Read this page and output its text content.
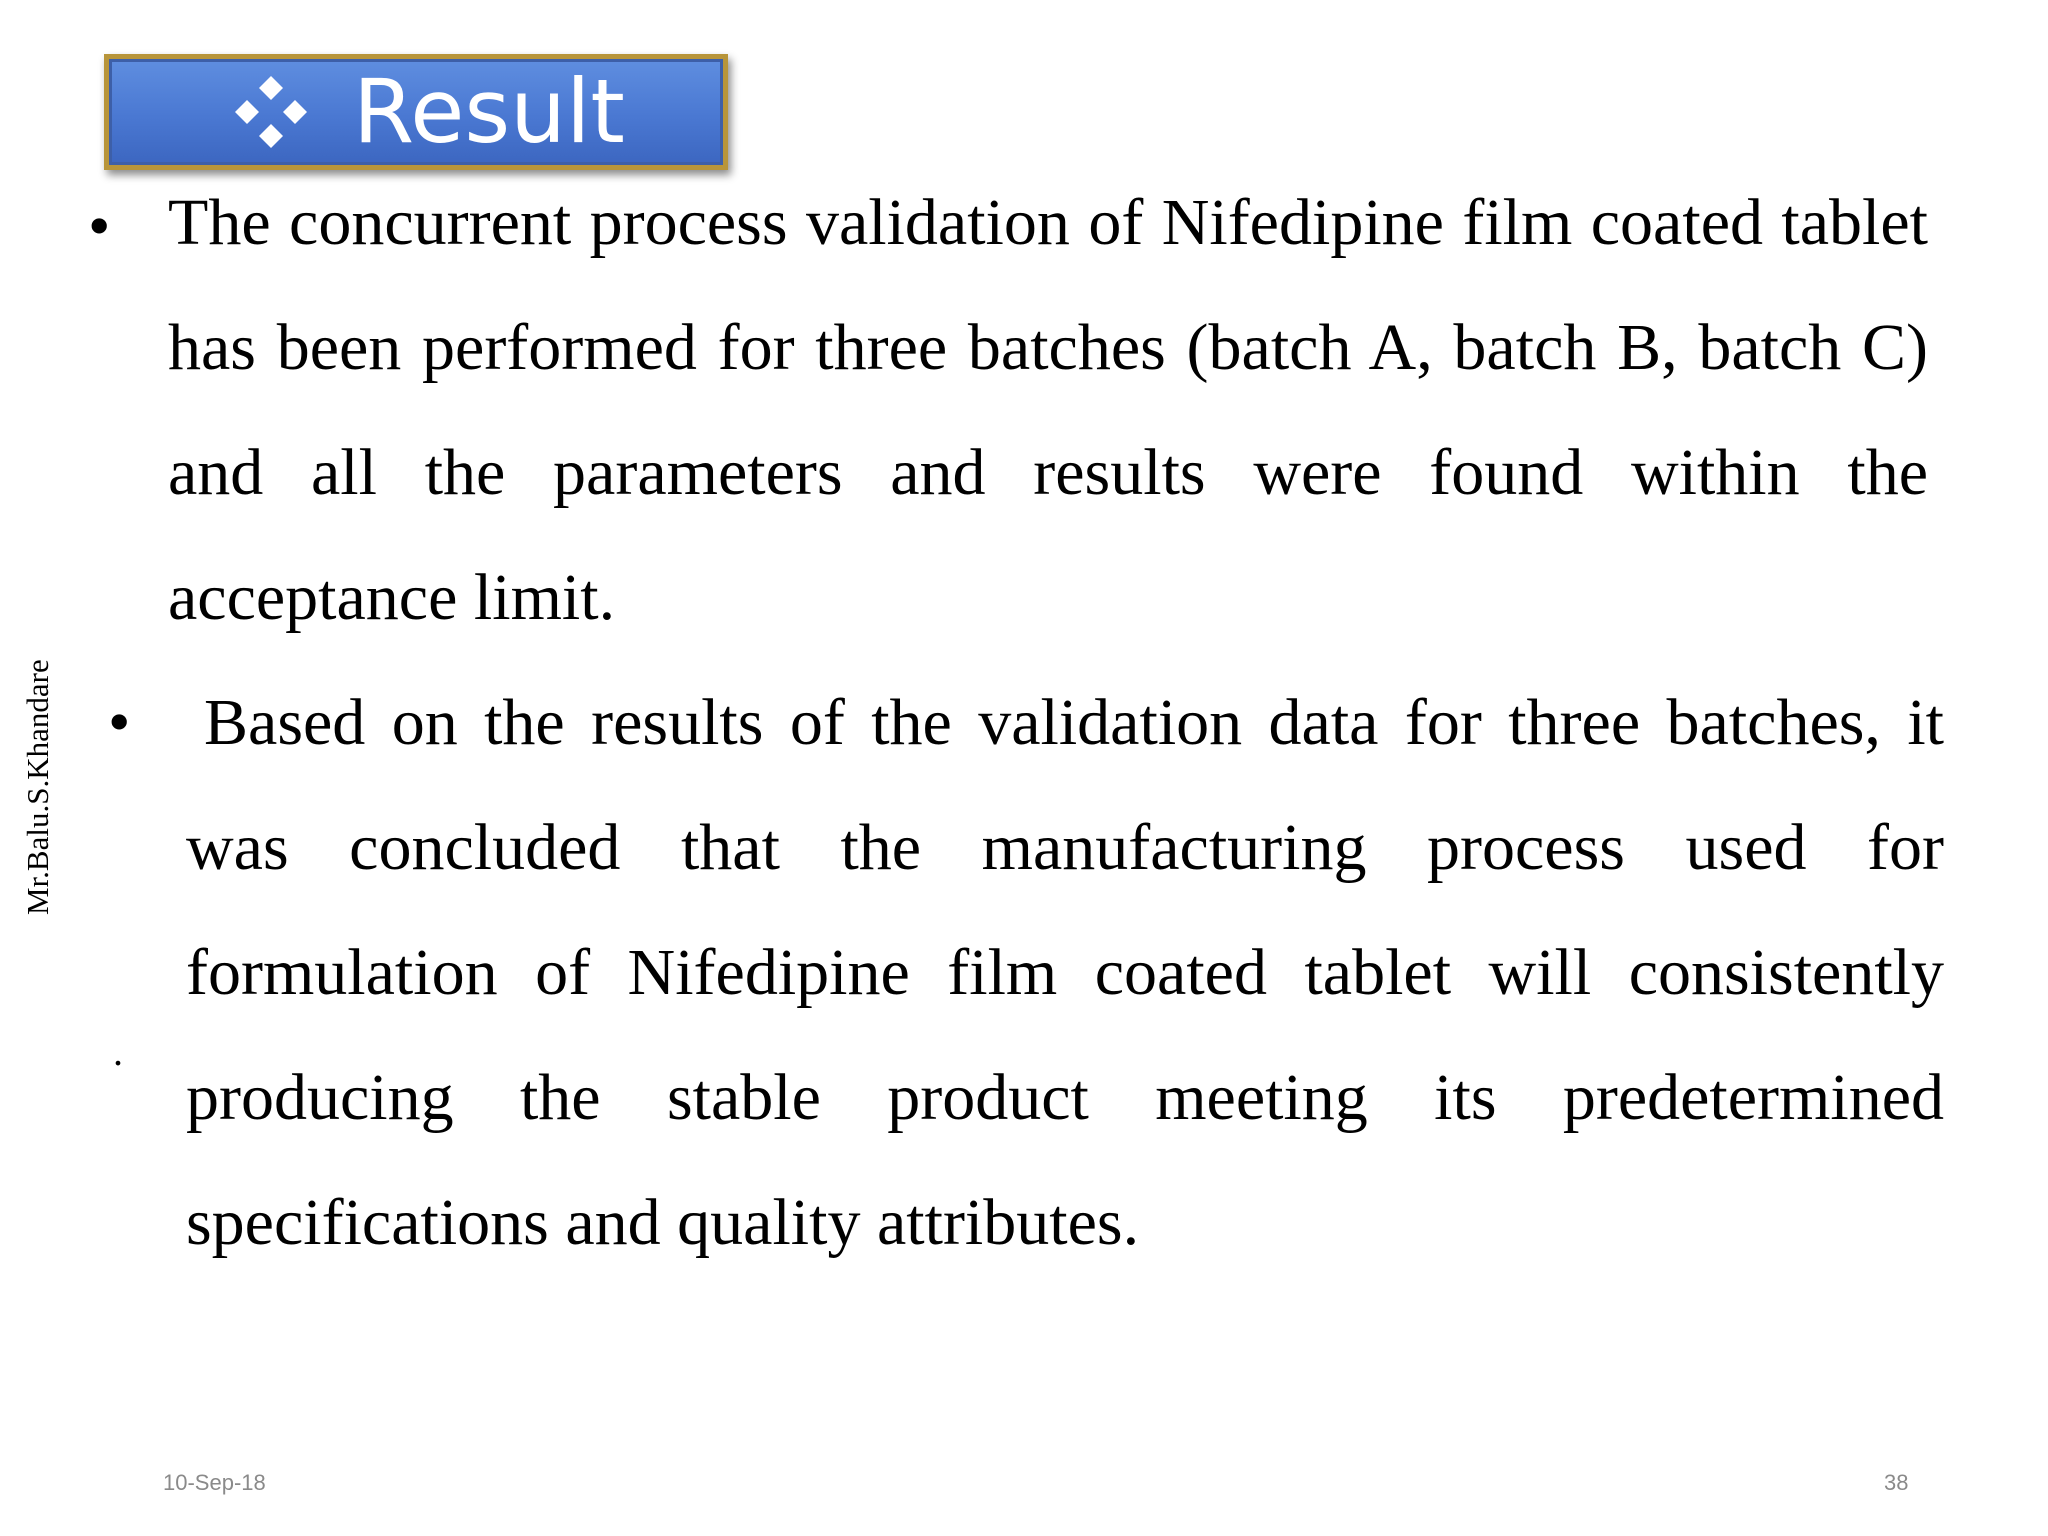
Result
Mr.Balu.S.Khandare
• The concurrent process validation of Nifedipine film coated tablet has been performed for three batches (batch A, batch B, batch C) and all the parameters and results were found within the acceptance limit.

• Based on the results of the validation data for three batches, it was concluded that the manufacturing process used for formulation of Nifedipine film coated tablet will consistently producing the stable product meeting its predetermined specifications and quality attributes.

.
10-Sep-18	38
